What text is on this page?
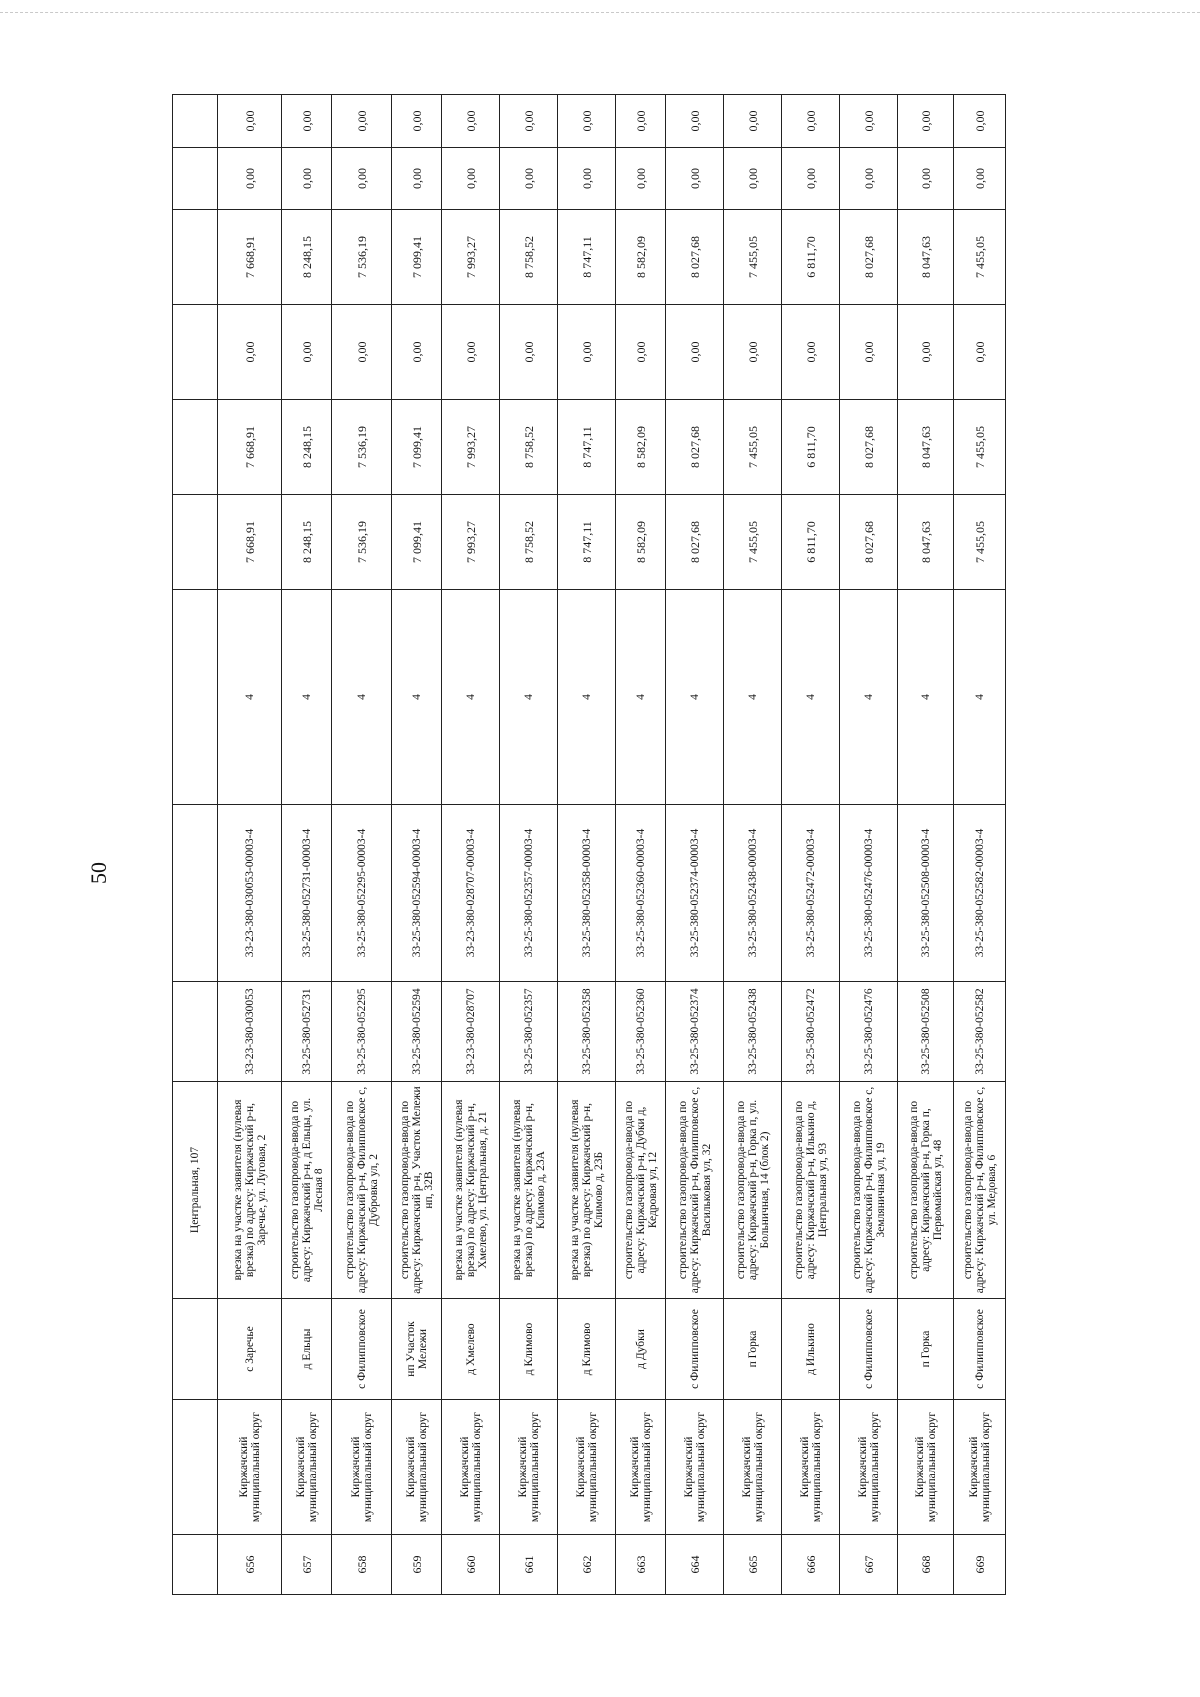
50
			Центральная, 107									
656	Киржачский муниципальный округ	с Заречье	врезка на участке заявителя (нулевая врезка) по адресу: Киржачский р-н, Заречье, ул. Луговая, 2	33-23-380-030053	33-23-380-030053-00003-4	4	7 668,91	7 668,91	0,00	7 668,91	0,00	0,00
657	Киржачский муниципальный округ	д Ельцы	строительство газопровода-ввода по адресу: Киржачский р-н, д Ельцы, ул. Лесная 8	33-25-380-052731	33-25-380-052731-00003-4	4	8 248,15	8 248,15	0,00	8 248,15	0,00	0,00
658	Киржачский муниципальный округ	с Филипповское	строительство газопровода-ввода по адресу: Киржачский р-н, Филипповское с, Дубровка ул, 2	33-25-380-052295	33-25-380-052295-00003-4	4	7 536,19	7 536,19	0,00	7 536,19	0,00	0,00
659	Киржачский муниципальный округ	нп Участок Мележи	строительство газопровода-ввода по адресу: Киржачский р-н, Участок Мележи нп, 32В	33-25-380-052594	33-25-380-052594-00003-4	4	7 099,41	7 099,41	0,00	7 099,41	0,00	0,00
660	Киржачский муниципальный округ	д Хмелево	врезка на участке заявителя (нулевая врезка) по адресу: Киржачский р-н, Хмелево, ул. Центральная, д. 21	33-23-380-028707	33-23-380-028707-00003-4	4	7 993,27	7 993,27	0,00	7 993,27	0,00	0,00
661	Киржачский муниципальный округ	д Климово	врезка на участке заявителя (нулевая врезка) по адресу: Киржачский р-н, Климово д, 23А	33-25-380-052357	33-25-380-052357-00003-4	4	8 758,52	8 758,52	0,00	8 758,52	0,00	0,00
662	Киржачский муниципальный округ	д Климово	врезка на участке заявителя (нулевая врезка) по адресу: Киржачский р-н, Климово д, 23Б	33-25-380-052358	33-25-380-052358-00003-4	4	8 747,11	8 747,11	0,00	8 747,11	0,00	0,00
663	Киржачский муниципальный округ	д Дубки	строительство газопровода-ввода по адресу: Киржачский р-н, Дубки д, Кедровая ул, 12	33-25-380-052360	33-25-380-052360-00003-4	4	8 582,09	8 582,09	0,00	8 582,09	0,00	0,00
664	Киржачский муниципальный округ	с Филипповское	строительство газопровода-ввода по адресу: Киржачский р-н, Филипповское с, Васильковая ул, 32	33-25-380-052374	33-25-380-052374-00003-4	4	8 027,68	8 027,68	0,00	8 027,68	0,00	0,00
665	Киржачский муниципальный округ	п Горка	строительство газопровода-ввода по адресу: Киржачский р-н, Горка п, ул. Больничная, 14 (блок 2)	33-25-380-052438	33-25-380-052438-00003-4	4	7 455,05	7 455,05	0,00	7 455,05	0,00	0,00
666	Киржачский муниципальный округ	д Илькино	строительство газопровода-ввода по адресу: Киржачский р-н, Илькино д, Центральная ул, 93	33-25-380-052472	33-25-380-052472-00003-4	4	6 811,70	6 811,70	0,00	6 811,70	0,00	0,00
667	Киржачский муниципальный округ	с Филипповское	строительство газопровода-ввода по адресу: Киржачский р-н, Филипповское с, Земляничная ул, 19	33-25-380-052476	33-25-380-052476-00003-4	4	8 027,68	8 027,68	0,00	8 027,68	0,00	0,00
668	Киржачский муниципальный округ	п Горка	строительство газопровода-ввода по адресу: Киржачский р-н, Горка п, Первомайская ул, 48	33-25-380-052508	33-25-380-052508-00003-4	4	8 047,63	8 047,63	0,00	8 047,63	0,00	0,00
669	Киржачский муниципальный округ	с Филипповское	строительство газопровода-ввода по адресу: Киржачский р-н, Филипповское с, ул. Медовая, 6	33-25-380-052582	33-25-380-052582-00003-4	4	7 455,05	7 455,05	0,00	7 455,05	0,00	0,00
